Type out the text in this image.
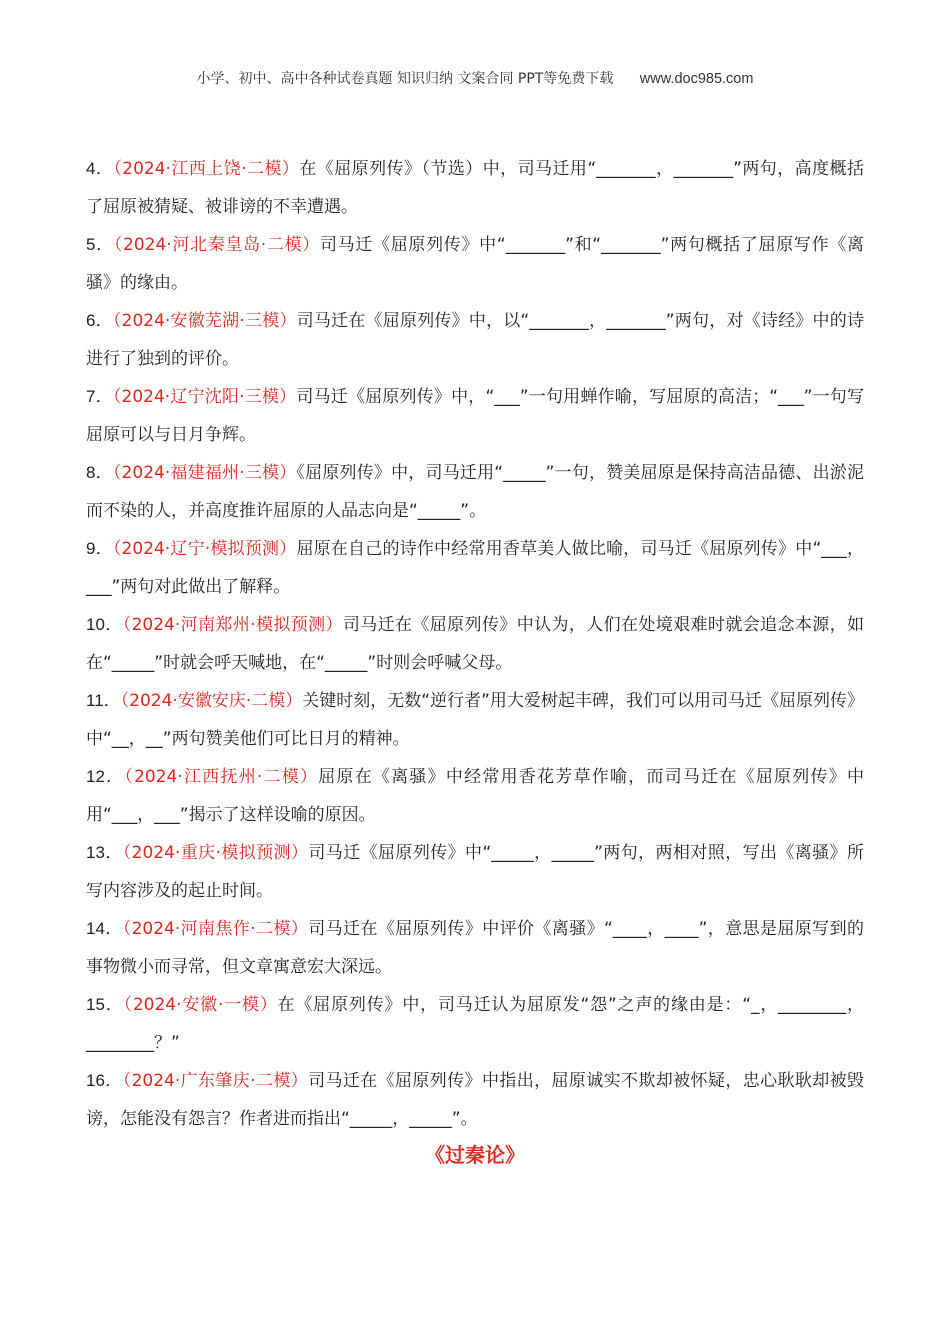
小学、初中、高中各种试卷真题 知识归纳 文案合同 PPT等免费下载 www.doc985.com

4．（2024·江西上饶·二模）在《屈原列传》（节选）中，司马迁用“_______，_______”两句，高度概括了屈原被猜疑、被诽谤的不幸遭遇。

5．（2024·河北秦皇岛·二模）司马迁《屈原列传》中“_______”和“_______”两句概括了屈原写作《离骚》的缘由。

6．（2024·安徽芜湖·三模）司马迁在《屈原列传》中，以“_______，_______”两句，对《诗经》中的诗进行了独到的评价。

7．（2024·辽宁沈阳·三模）司马迁《屈原列传》中，“___”一句用蝉作喻，写屈原的高洁；“___”一句写屈原可以与日月争辉。

8．（2024·福建福州·三模）《屈原列传》中，司马迁用“_____”一句，赞美屈原是保持高洁品德、出淤泥而不染的人，并高度推许屈原的人品志向是“_____”。

9．（2024·辽宁·模拟预测）屈原在自己的诗作中经常用香草美人做比喻，司马迁《屈原列传》中“___，___”两句对此做出了解释。

10．（2024·河南郑州·模拟预测）司马迁在《屈原列传》中认为，人们在处境艰难时就会追念本源，如在“_____”时就会呼天喊地，在“_____”时则会呼喊父母。

11．（2024·安徽安庆·二模）关键时刻，无数“逆行者”用大爱树起丰碑，我们可以用司马迁《屈原列传》中“__，__”两句赞美他们可比日月的精神。

12．（2024·江西抚州·二模）屈原在《离骚》中经常用香花芳草作喻，而司马迁在《屈原列传》中用“___，___”揭示了这样设喻的原因。

13．（2024·重庆·模拟预测）司马迁《屈原列传》中“_____，_____”两句，两相对照，写出《离骚》所写内容涉及的起止时间。

14．（2024·河南焦作·二模）司马迁在《屈原列传》中评价《离骚》“____，____”，意思是屈原写到的事物微小而寻常，但文章寓意宏大深远。

15．（2024·安徽·一模）在《屈原列传》中，司马迁认为屈原发“怨”之声的缘由是：“_，________，________？”

16．（2024·广东肇庆·二模）司马迁在《屈原列传》中指出，屈原诚实不欺却被怀疑，忠心耿耿却被毁谤，怎能没有怨言？作者进而指出“_____，_____”。

《过秦论》
